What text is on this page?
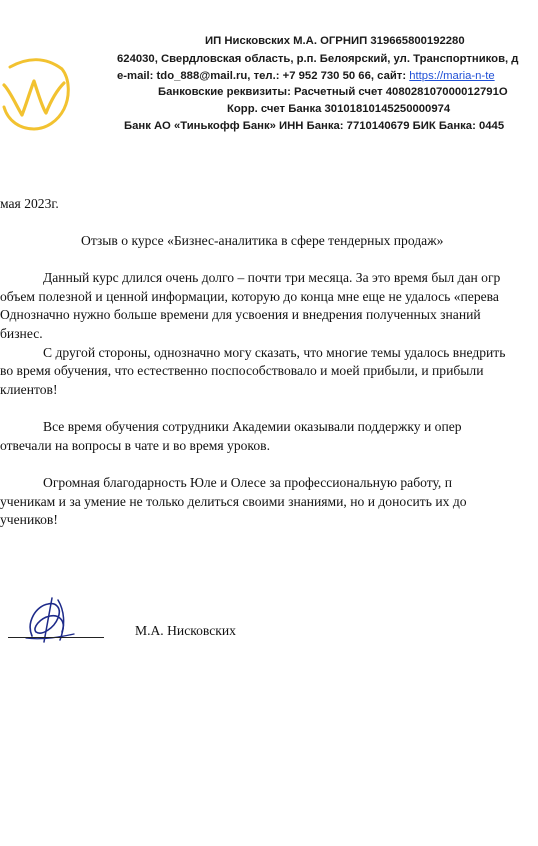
ИП Нисковских М.А. ОГРНИП 319665800192280
624030, Свердловская область, р.п. Белоярский, ул. Транспортников, д
e-mail: tdo_888@mail.ru, тел.: +7 952 730 50 66, сайт: https://maria-n-te
Банковские реквизиты: Расчетный счет 408028107000012791О
Корр. счет Банка 30101810145250000974
Банк АО «Тинькофф Банк» ИНН Банка: 7710140679 БИК Банка: 0445
мая 2023г.
Отзыв о курсе «Бизнес-аналитика в сфере тендерных продаж»
Данный курс длился очень долго – почти три месяца. За это время был дан огр
объем полезной и ценной информации, которую до конца мне еще не удалось «перева
Однозначно нужно больше времени для усвоения и внедрения полученных знаний
бизнес.
С другой стороны, однозначно могу сказать, что многие темы удалось внедрить
во время обучения, что естественно поспособствовало и моей прибыли, и прибыли
клиентов!
Все время обучения сотрудники Академии оказывали поддержку и опер
отвечали на вопросы в чате и во время уроков.
Огромная благодарность Юле и Олесе за профессиональную работу, п
ученикам и за умение не только делиться своими знаниями, но и доносить их до
учеников!
М.А. Нисковских
